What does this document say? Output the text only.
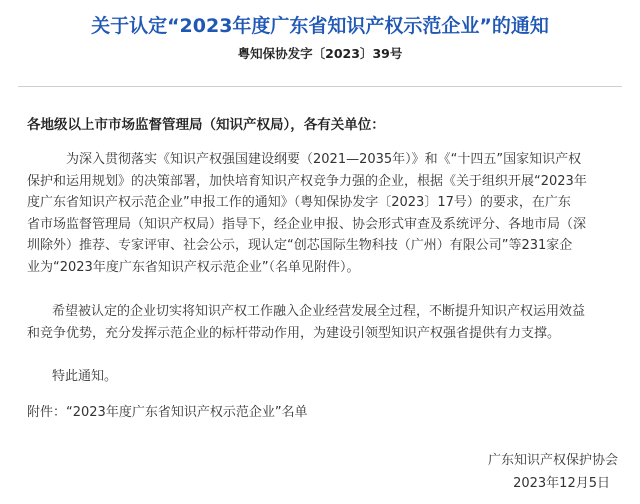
关于认定“2023年度广东省知识产权示范企业”的通知
粤知保协发字〔2023〕39号
各地级以上市市场监督管理局（知识产权局），各有关单位：
为深入贯彻落实《知识产权强国建设纲要（2021—2035年）》和《“十四五”国家知识产权
保护和运用规划》的决策部署，加快培育知识产权竞争力强的企业，根据《关于组织开展“2023年
度广东省知识产权示范企业”申报工作的通知》（粤知保协发字〔2023〕17号）的要求，在广东
省市场监督管理局（知识产权局）指导下，经企业申报、协会形式审查及系统评分、各地市局（深
圳除外）推荐、专家评审、社会公示，现认定“创芯国际生物科技（广州）有限公司”等231家企
业为“2023年度广东省知识产权示范企业”（名单见附件）。
希望被认定的企业切实将知识产权工作融入企业经营发展全过程，不断提升知识产权运用效益
和竞争优势，充分发挥示范企业的标杆带动作用，为建设引领型知识产权强省提供有力支撑。
特此通知。
附件：“2023年度广东省知识产权示范企业”名单
广东知识产权保护协会
2023年12月5日
